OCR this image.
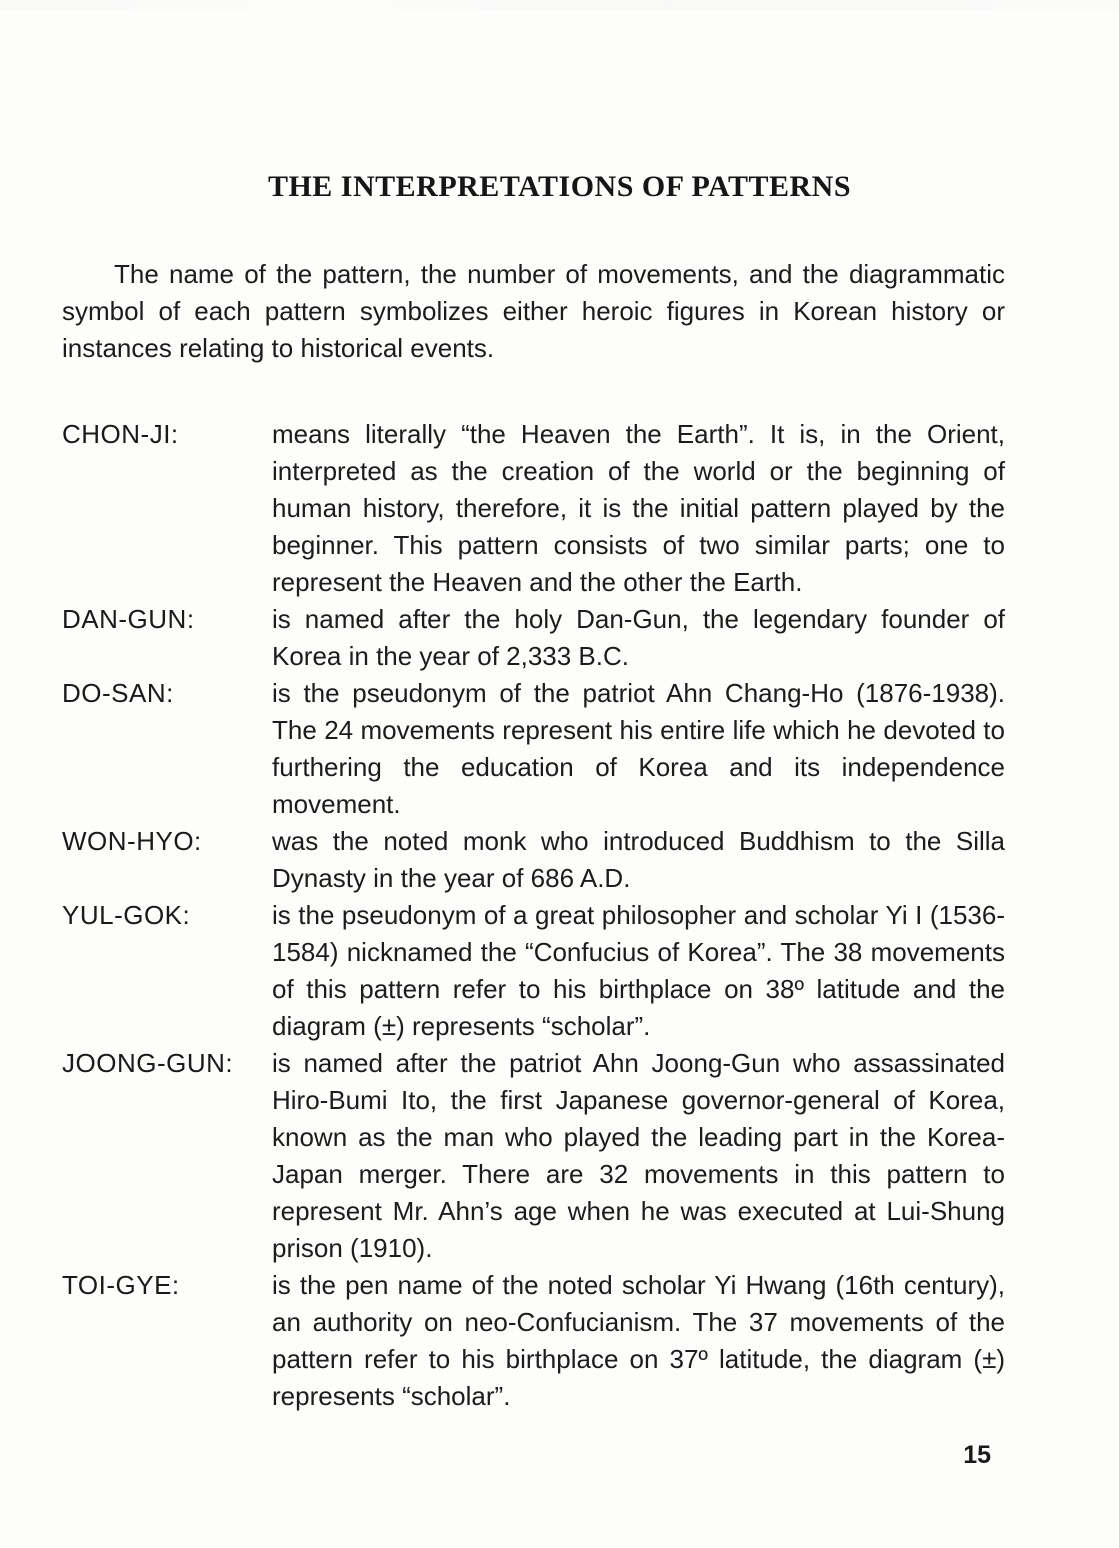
THE INTERPRETATIONS OF PATTERNS

The name of the pattern, the number of movements, and the diagrammatic symbol of each pattern symbolizes either heroic figures in Korean history or instances relating to historical events.

CHON-JI:	means literally “the Heaven the Earth”. It is, in the Orient, interpreted as the creation of the world or the beginning of human history, therefore, it is the initial pattern played by the beginner. This pattern consists of two similar parts; one to represent the Heaven and the other the Earth.
DAN-GUN:	is named after the holy Dan-Gun, the legendary founder of Korea in the year of 2,333 B.C.
DO-SAN:	is the pseudonym of the patriot Ahn Chang-Ho (1876-1938). The 24 movements represent his entire life which he devoted to furthering the education of Korea and its independence movement.
WON-HYO:	was the noted monk who introduced Buddhism to the Silla Dynasty in the year of 686 A.D.
YUL-GOK:	is the pseudonym of a great philosopher and scholar Yi I (1536-1584) nicknamed the “Confucius of Korea”. The 38 movements of this pattern refer to his birthplace on 38º latitude and the diagram (±) represents “scholar”.
JOONG-GUN:	is named after the patriot Ahn Joong-Gun who assassinated Hiro-Bumi Ito, the first Japanese governor-general of Korea, known as the man who played the leading part in the Korea-Japan merger. There are 32 movements in this pattern to represent Mr. Ahn’s age when he was executed at Lui-Shung prison (1910).
TOI-GYE:	is the pen name of the noted scholar Yi Hwang (16th century), an authority on neo-Confucianism. The 37 movements of the pattern refer to his birthplace on 37º latitude, the diagram (±) represents “scholar”.
15
